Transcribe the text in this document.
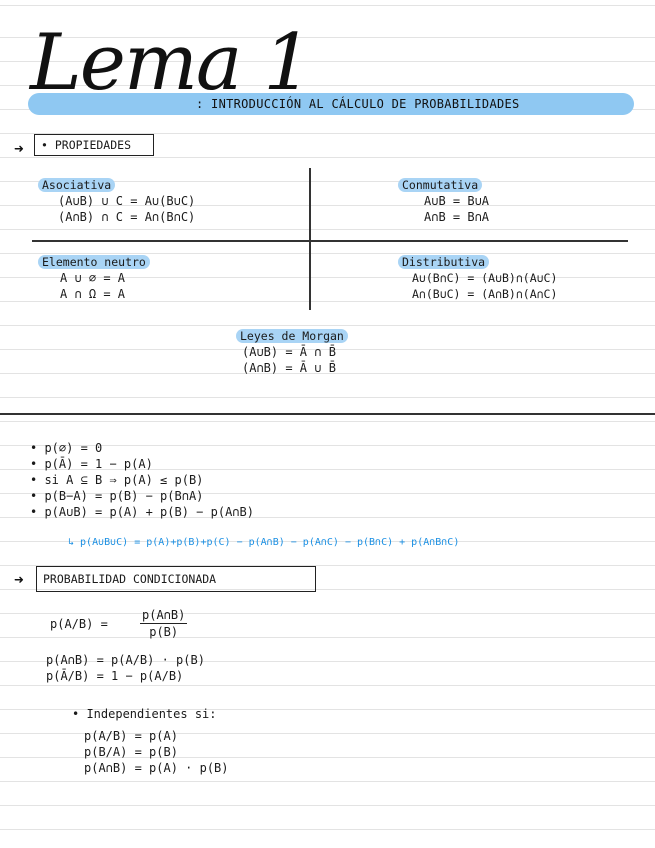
Lema 1
: INTRODUCCIÓN AL CÁLCULO DE PROBABILIDADES
➜	• PROPIEDADES
Asociativa
(A∪B) ∪ C = A∪(B∪C)
(A∩B) ∩ C = A∩(B∩C)
Conmutativa
A∪B = B∪A
A∩B = B∩A
Elemento neutro
A ∪ ∅ = A
A ∩ Ω = A
Distributiva
A∪(B∩C) = (A∪B)∩(A∪C)
A∩(B∪C) = (A∩B)∩(A∩C)
Leyes de Morgan
(A∪B) = Ā ∩ B̄
(A∩B) = Ā ∪ B̄
• p(∅) = 0
• p(Ā) = 1 − p(A)
• si A ⊆ B ⇒ p(A) ≤ p(B)
• p(B−A) = p(B) − p(B∩A)
• p(A∪B) = p(A) + p(B) − p(A∩B)
↳ p(A∪B∪C) = p(A)+p(B)+p(C) − p(A∩B) − p(A∩C) − p(B∩C) + p(A∩B∩C)
➜	PROBABILIDAD CONDICIONADA
p(A/B) =	$\frac{p(A\cap B)}{p(B)}$
p(A∩B) = p(A/B) · p(B)
p(Ā/B) = 1 − p(A/B)
• Independientes si:
p(A/B) = p(A)
p(B/A) = p(B)
p(A∩B) = p(A) · p(B)
